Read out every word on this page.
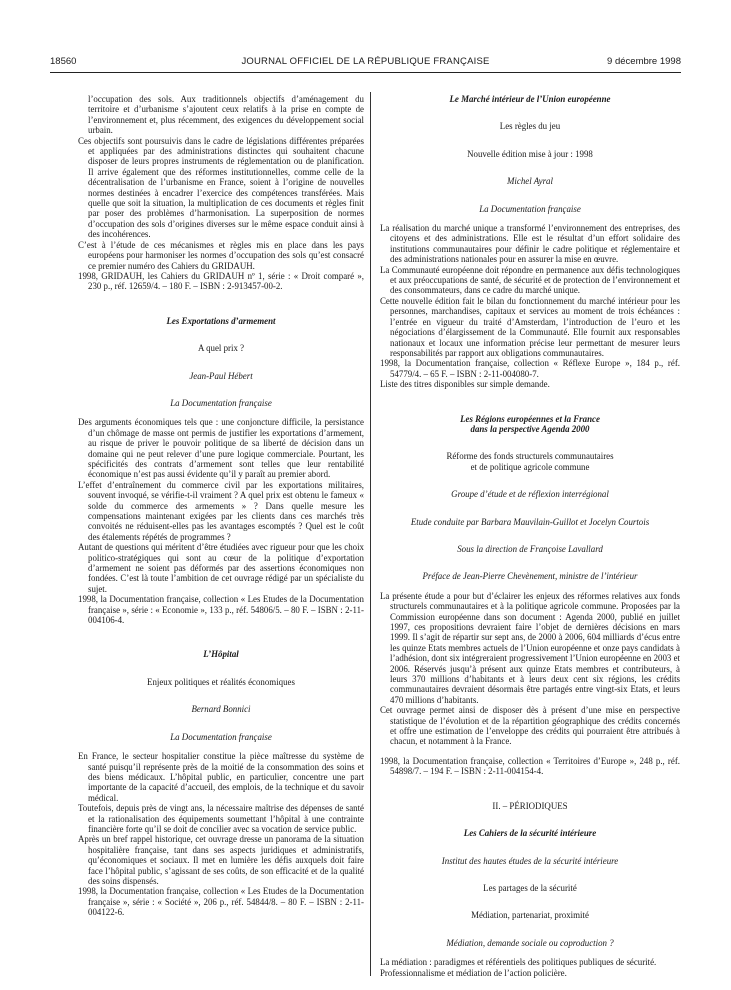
18560	JOURNAL OFFICIEL DE LA RÉPUBLIQUE FRANÇAISE	9 décembre 1998

l’occupation des sols. Aux traditionnels objectifs d’aménagement du territoire et d’urbanisme s’ajoutent ceux relatifs à la prise en compte de l’environnement et, plus récemment, des exigences du développement social urbain.

Ces objectifs sont poursuivis dans le cadre de législations différentes préparées et appliquées par des administrations distinctes qui souhaitent chacune disposer de leurs propres instruments de réglementation ou de planification. Il arrive également que des réformes institutionnelles, comme celle de la décentralisation de l’urbanisme en France, soient à l’origine de nouvelles normes destinées à encadrer l’exercice des compétences transférées. Mais quelle que soit la situation, la multiplication de ces documents et règles finit par poser des problèmes d’harmonisation. La superposition de normes d’occupation des sols d’origines diverses sur le même espace conduit ainsi à des incohérences.

C’est à l’étude de ces mécanismes et règles mis en place dans les pays européens pour harmoniser les normes d’occupation des sols qu’est consacré ce premier numéro des Cahiers du GRIDAUH.

1998, GRIDAUH, les Cahiers du GRIDAUH nº 1, série : « Droit comparé », 230 p., réf. 12659/4. – 180 F. – ISBN : 2-913457-00-2.

Les Exportations d’armement

A quel prix ?

Jean-Paul Hébert

La Documentation française

Des arguments économiques tels que : une conjoncture difficile, la persistance d’un chômage de masse ont permis de justifier les exportations d’armement, au risque de priver le pouvoir politique de sa liberté de décision dans un domaine qui ne peut relever d’une pure logique commerciale. Pourtant, les spécificités des contrats d’armement sont telles que leur rentabilité économique n’est pas aussi évidente qu’il y paraît au premier abord.

L’effet d’entraînement du commerce civil par les exportations militaires, souvent invoqué, se vérifie-t-il vraiment ? A quel prix est obtenu le fameux « solde du commerce des armements » ? Dans quelle mesure les compensations maintenant exigées par les clients dans ces marchés très convoités ne réduisent-elles pas les avantages escomptés ? Quel est le coût des étalements répétés de programmes ?

Autant de questions qui méritent d’être étudiées avec rigueur pour que les choix politico-stratégiques qui sont au cœur de la politique d’exportation d’armement ne soient pas déformés par des assertions économiques non fondées. C’est là toute l’ambition de cet ouvrage rédigé par un spécialiste du sujet.

1998, la Documentation française, collection « Les Etudes de la Documentation française », série : « Economie », 133 p., réf. 54806/5. – 80 F. – ISBN : 2-11-004106-4.

L’Hôpital

Enjeux politiques et réalités économiques

Bernard Bonnici

La Documentation française

En France, le secteur hospitalier constitue la pièce maîtresse du système de santé puisqu’il représente près de la moitié de la consommation des soins et des biens médicaux. L’hôpital public, en particulier, concentre une part importante de la capacité d’accueil, des emplois, de la technique et du savoir médical.

Toutefois, depuis près de vingt ans, la nécessaire maîtrise des dépenses de santé et la rationalisation des équipements soumettant l’hôpital à une contrainte financière forte qu’il se doit de concilier avec sa vocation de service public.

Après un bref rappel historique, cet ouvrage dresse un panorama de la situation hospitalière française, tant dans ses aspects juridiques et administratifs, qu’économiques et sociaux. Il met en lumière les défis auxquels doit faire face l’hôpital public, s’agissant de ses coûts, de son efficacité et de la qualité des soins dispensés.

1998, la Documentation française, collection « Les Etudes de la Documentation française », série : « Société », 206 p., réf. 54844/8. – 80 F. – ISBN : 2-11-004122-6.

Le Marché intérieur de l’Union européenne

Les règles du jeu

Nouvelle édition mise à jour : 1998

Michel Ayral

La Documentation française

La réalisation du marché unique a transformé l’environnement des entreprises, des citoyens et des administrations. Elle est le résultat d’un effort solidaire des institutions communautaires pour définir le cadre politique et réglementaire et des administrations nationales pour en assurer la mise en œuvre.

La Communauté européenne doit répondre en permanence aux défis technologiques et aux préoccupations de santé, de sécurité et de protection de l’environnement et des consommateurs, dans ce cadre du marché unique.

Cette nouvelle édition fait le bilan du fonctionnement du marché intérieur pour les personnes, marchandises, capitaux et services au moment de trois échéances : l’entrée en vigueur du traité d’Amsterdam, l’introduction de l’euro et les négociations d’élargissement de la Communauté. Elle fournit aux responsables nationaux et locaux une information précise leur permettant de mesurer leurs responsabilités par rapport aux obligations communautaires.

1998, la Documentation française, collection « Réflexe Europe », 184 p., réf. 54779/4. – 65 F. – ISBN : 2-11-004080-7.

Liste des titres disponibles sur simple demande.

Les Régions européennes et la France

dans la perspective Agenda 2000

Réforme des fonds structurels communautaires

et de politique agricole commune

Groupe d’étude et de réflexion interrégional

Etude conduite par Barbara Mauvilain-Guillot et Jocelyn Courtois

Sous la direction de Françoise Lavallard

Préface de Jean-Pierre Chevènement, ministre de l’intérieur

La présente étude a pour but d’éclairer les enjeux des réformes relatives aux fonds structurels communautaires et à la politique agricole commune. Proposées par la Commission européenne dans son document : Agenda 2000, publié en juillet 1997, ces propositions devraient faire l’objet de dernières décisions en mars 1999. Il s’agit de répartir sur sept ans, de 2000 à 2006, 604 milliards d’écus entre les quinze Etats membres actuels de l’Union européenne et onze pays candidats à l’adhésion, dont six intégreraient progressivement l’Union européenne en 2003 et 2006. Réservés jusqu’à présent aux quinze Etats membres et contributeurs, à leurs 370 millions d’habitants et à leurs deux cent six régions, les crédits communautaires devraient désormais être partagés entre vingt-six Etats, et leurs 470 millions d’habitants.

Cet ouvrage permet ainsi de disposer dès à présent d’une mise en perspective statistique de l’évolution et de la répartition géographique des crédits concernés et offre une estimation de l’enveloppe des crédits qui pourraient être attribués à chacun, et notamment à la France.

1998, la Documentation française, collection « Territoires d’Europe », 248 p., réf. 54898/7. – 194 F. – ISBN : 2-11-004154-4.

II. – PÉRIODIQUES

Les Cahiers de la sécurité intérieure

Institut des hautes études de la sécurité intérieure

Les partages de la sécurité

Médiation, partenariat, proximité

Médiation, demande sociale ou coproduction ?

La médiation : paradigmes et référentiels des politiques publiques de sécurité.

Professionnalisme et médiation de l’action policière.
